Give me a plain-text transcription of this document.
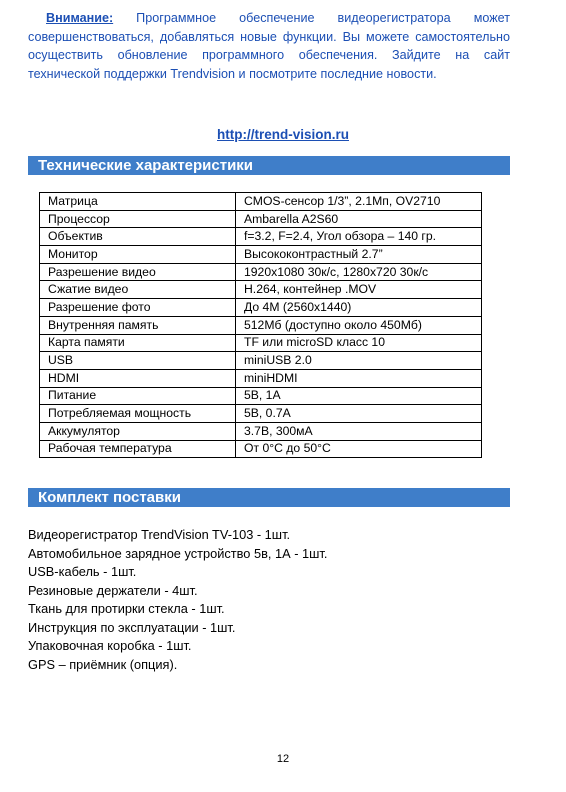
Внимание: Программное обеспечение видеорегистратора может совершенствоваться, добавляться новые функции. Вы можете самостоятельно осуществить обновление программного обеспечения. Зайдите на сайт технической поддержки Trendvision и посмотрите последние новости.
http://trend-vision.ru
Технические характеристики
Матрица	CMOS-сенсор 1/3”, 2.1Мп, OV2710
Процессор	Ambarella A2S60
Объектив	f=3.2, F=2.4, Угол обзора – 140 гр.
Монитор	Высококонтрастный 2.7”
Разрешение видео	1920x1080 30к/с, 1280x720 30к/с
Сжатие видео	H.264, контейнер .MOV
Разрешение фото	До 4М (2560x1440)
Внутренняя память	512Мб (доступно около 450Мб)
Карта памяти	TF или microSD класс 10
USB	miniUSB 2.0
HDMI	miniHDMI
Питание	5В, 1А
Потребляемая мощность	5В, 0.7А
Аккумулятор	3.7В, 300мА
Рабочая температура	От 0°С до 50°С
Комплект поставки
Видеорегистратор TrendVision TV-103 - 1шт.
Автомобильное зарядное устройство 5в, 1А - 1шт.
USB-кабель - 1шт.
Резиновые держатели - 4шт.
Ткань для протирки стекла - 1шт.
Инструкция по эксплуатации - 1шт.
Упаковочная коробка - 1шт.
GPS – приёмник (опция).
12
